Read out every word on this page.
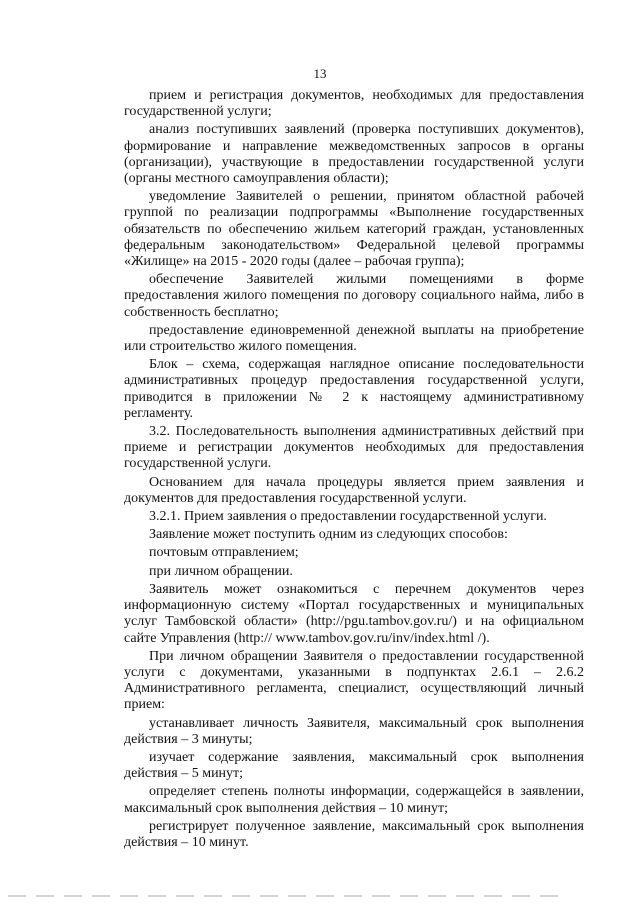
13

прием и регистрация документов, необходимых для предоставления государственной услуги;

анализ поступивших заявлений (проверка поступивших документов), формирование и направление межведомственных запросов в органы (организации), участвующие в предоставлении государственной услуги (органы местного самоуправления области);

уведомление Заявителей о решении, принятом областной рабочей группой по реализации подпрограммы «Выполнение государственных обязательств по обеспечению жильем категорий граждан, установленных федеральным законодательством» Федеральной целевой программы «Жилище» на 2015 - 2020 годы (далее – рабочая группа);

обеспечение Заявителей жилыми помещениями в форме предоставления жилого помещения по договору социального найма, либо в собственность бесплатно;

предоставление единовременной денежной выплаты на приобретение или строительство жилого помещения.

Блок – схема, содержащая наглядное описание последовательности административных процедур предоставления государственной услуги, приводится в приложении № 2 к настоящему административному регламенту.

3.2. Последовательность выполнения административных действий при приеме и регистрации документов необходимых для предоставления государственной услуги.

Основанием для начала процедуры является прием заявления и документов для предоставления государственной услуги.

3.2.1. Прием заявления о предоставлении государственной услуги.

Заявление может поступить одним из следующих способов:

почтовым отправлением;

при личном обращении.

Заявитель может ознакомиться с перечнем документов через информационную систему «Портал государственных и муниципальных услуг Тамбовской области» (http://pgu.tambov.gov.ru/) и на официальном сайте Управления (http:// www.tambov.gov.ru/inv/index.html /).

При личном обращении Заявителя о предоставлении государственной услуги с документами, указанными в подпунктах 2.6.1 – 2.6.2 Административного регламента, специалист, осуществляющий личный прием:

устанавливает личность Заявителя, максимальный срок выполнения действия – 3 минуты;

изучает содержание заявления, максимальный срок выполнения действия – 5 минут;

определяет степень полноты информации, содержащейся в заявлении, максимальный срок выполнения действия – 10 минут;

регистрирует полученное заявление, максимальный срок выполнения действия – 10 минут.
